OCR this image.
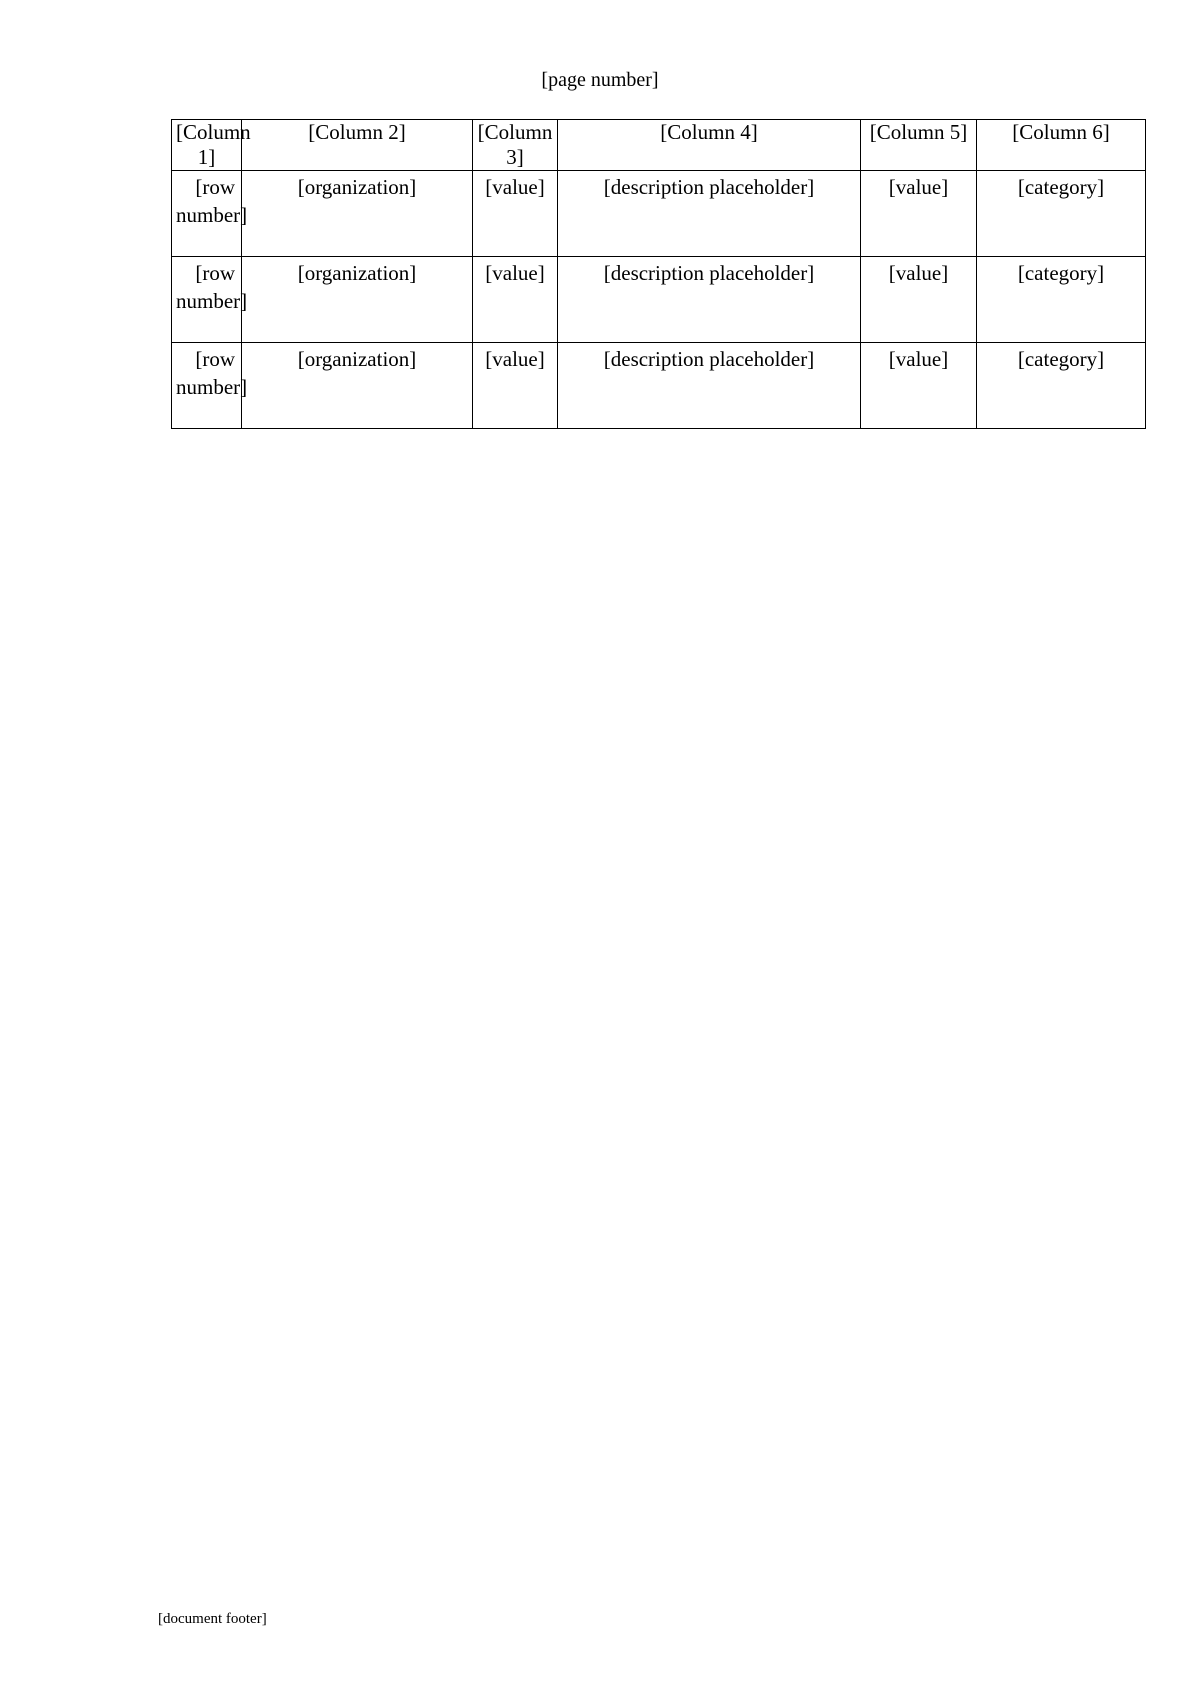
[page number]
[Column 1]	[Column 2]	[Column 3]	[Column 4]	[Column 5]	[Column 6]
[row number]	[organization]	[value]	[description placeholder]	[value]	[category]
[row number]	[organization]	[value]	[description placeholder]	[value]	[category]
[row number]	[organization]	[value]	[description placeholder]	[value]	[category]
[document footer]
